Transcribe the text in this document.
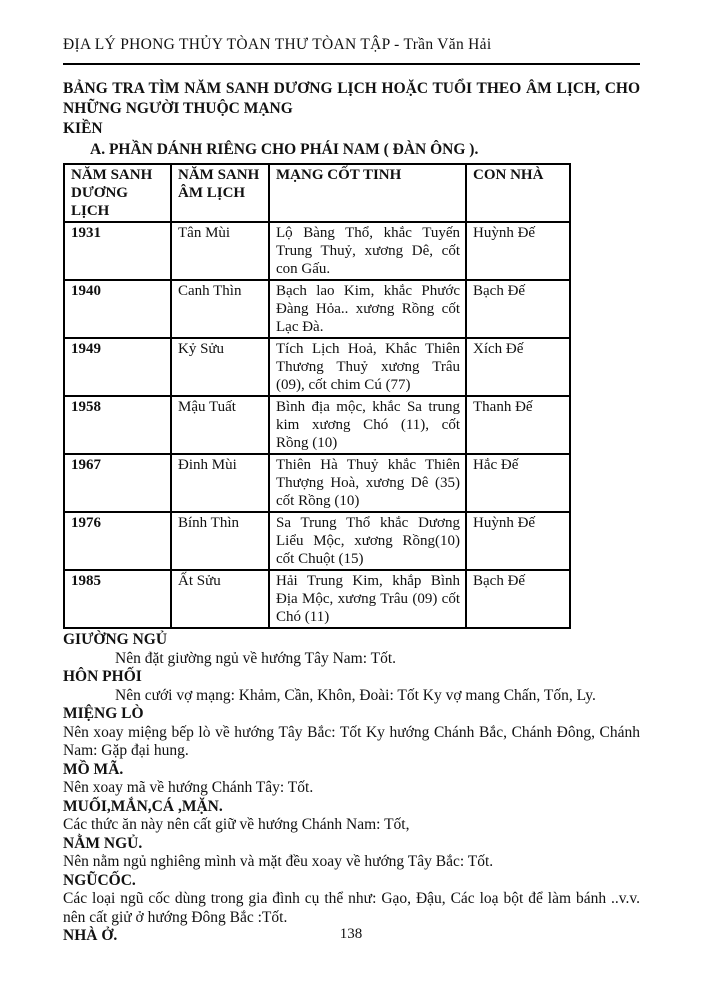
ĐỊA LÝ PHONG THỦY TÒAN THƯ TÒAN TẬP - Trần Văn Hải
BẢNG TRA TÌM NĂM SANH DƯƠNG LỊCH HOẶC TUỔI THEO ÂM LỊCH, CHO NHỮNG NGƯỜI THUỘC MẠNG
KIỀN
A. PHẦN DÁNH RIÊNG CHO PHÁI NAM ( ĐÀN ÔNG ).
NĂM SANH DƯƠNG LỊCH	NĂM SANH ÂM LỊCH	MẠNG CỐT TINH	CON NHÀ
1931	Tân Mùi	Lộ Bàng Thổ, khắc Tuyến Trung Thuỷ, xương Dê, cốt con Gấu.	Huỳnh Đế
1940	Canh Thìn	Bạch lao Kim, khắc Phước Đàng Hỏa.. xương Rồng cốt Lạc Đà.	Bạch Đế
1949	Kỷ Sửu	Tích Lịch Hoả, Khắc Thiên Thương Thuỷ xương Trâu (09), cốt chim Cú (77)	Xích Đế
1958	Mậu Tuất	Bình địa mộc, khắc Sa trung kim xương Chó (11), cốt Rồng (10)	Thanh Đế
1967	Đinh Mùi	Thiên Hà Thuỷ khắc Thiên Thượng Hoà, xương Dê (35) cốt Rồng (10)	Hắc Đế
1976	Bính Thìn	Sa Trung Thổ khắc Dương Liểu Mộc, xương Rồng(10) cốt Chuột (15)	Huỳnh Đế
1985	Ất Sửu	Hải Trung Kim, khắp Bình Địa Mộc, xương Trâu (09) cốt Chó (11)	Bạch Đế
GIƯỜNG NGỦ
Nên đặt giường ngủ về hướng Tây Nam: Tốt.
HÔN PHỐI
Nên cưới vợ mạng: Khảm, Cần, Khôn, Đoài: Tốt Ky vợ mang Chấn, Tốn, Ly.
MIỆNG LÒ
Nên xoay miệng bếp lò về hướng Tây Bắc: Tốt Ky hướng Chánh Bắc, Chánh Đông, Chánh Nam: Gặp đại hung.
MỒ MÃ.
Nên xoay mã về hướng Chánh Tây: Tốt.
MUỐI,MẮN,CÁ ,MẶN.
Các thức ăn này nên cất giữ về hướng Chánh Nam: Tốt,
NẰM NGỦ.
Nên nằm ngủ nghiêng mình và mặt đều xoay về hướng Tây Bắc: Tốt.
NGŨCỐC.
Các loại ngũ cốc dùng trong gia đình cụ thể như: Gạo, Đậu, Các loạ bột để làm bánh ..v.v. nên cất giử ở hướng Đông Bắc :Tốt.
NHÀ Ở.	138
